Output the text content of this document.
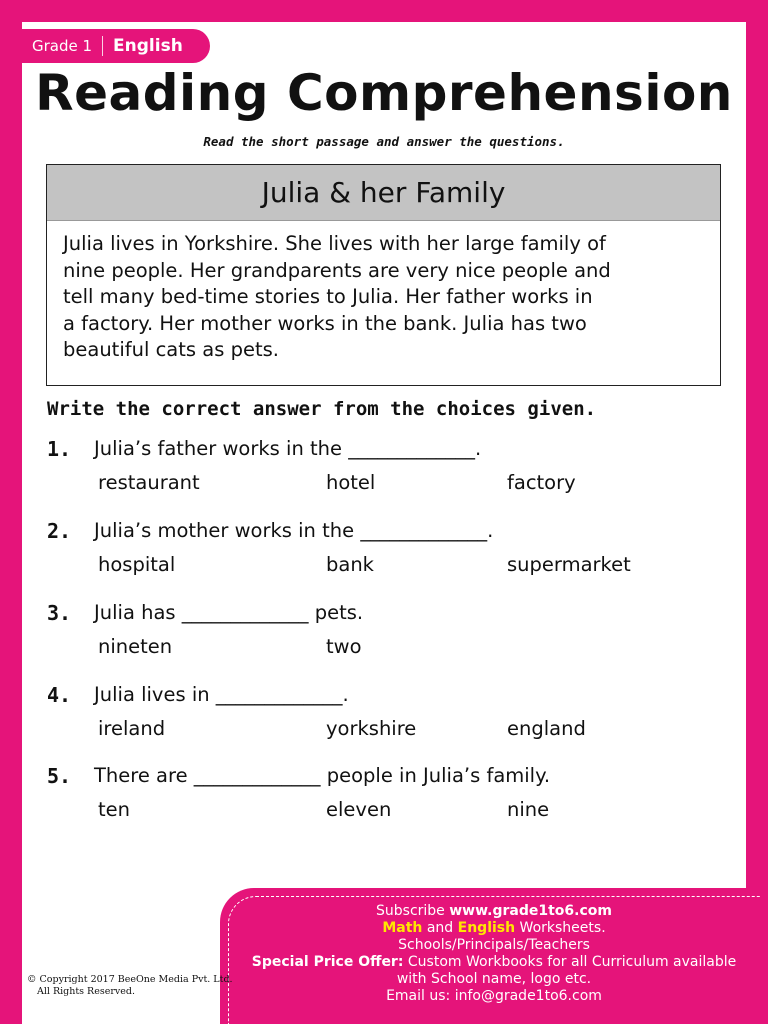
Grade 1 English
Reading Comprehension
Read the short passage and answer the questions.
Julia & her Family
Julia lives in Yorkshire. She lives with her large family of
nine people. Her grandparents are very nice people and
tell many bed-time stories to Julia. Her father works in
a factory. Her mother works in the bank. Julia has two
beautiful cats as pets.
Write the correct answer from the choices given.
1. Julia’s father works in the _____________.
restaurant	hotel	factory
2. Julia’s mother works in the _____________.
hospital	bank	supermarket
3. Julia has _____________ pets.
nineten	two
4. Julia lives in _____________.
ireland	yorkshire	england
5. There are _____________ people in Julia’s family.
ten	eleven	nine
Subscribe www.grade1to6.com
Math and English Worksheets.
Schools/Principals/Teachers
Special Price Offer: Custom Workbooks for all Curriculum available
with School name, logo etc.
Email us: info@grade1to6.com
© Copyright 2017 BeeOne Media Pvt. Ltd.
All Rights Reserved.
